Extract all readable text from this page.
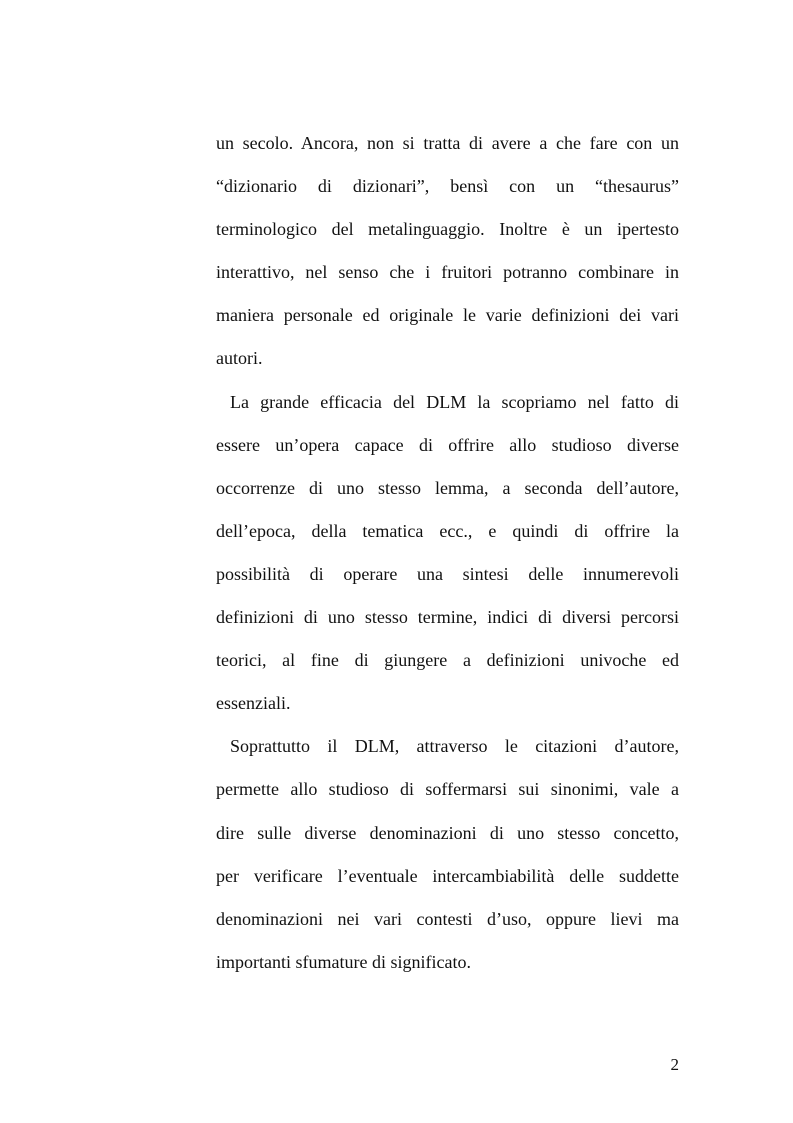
un secolo. Ancora, non si tratta di avere a che fare con un
“dizionario di dizionari”, bensì con un “thesaurus”
terminologico del metalinguaggio. Inoltre è un ipertesto
interattivo, nel senso che i fruitori potranno combinare in
maniera personale ed originale le varie definizioni dei vari
autori.
La grande efficacia del DLM la scopriamo nel fatto di
essere un’opera capace di offrire allo studioso diverse
occorrenze di uno stesso lemma, a seconda dell’autore,
dell’epoca, della tematica ecc., e quindi di offrire la
possibilità di operare una sintesi delle innumerevoli
definizioni di uno stesso termine, indici di diversi percorsi
teorici, al fine di giungere a definizioni univoche ed
essenziali.
Soprattutto il DLM, attraverso le citazioni d’autore,
permette allo studioso di soffermarsi sui sinonimi, vale a
dire sulle diverse denominazioni di uno stesso concetto,
per verificare l’eventuale intercambiabilità delle suddette
denominazioni nei vari contesti d’uso, oppure lievi ma
importanti sfumature di significato.
2
